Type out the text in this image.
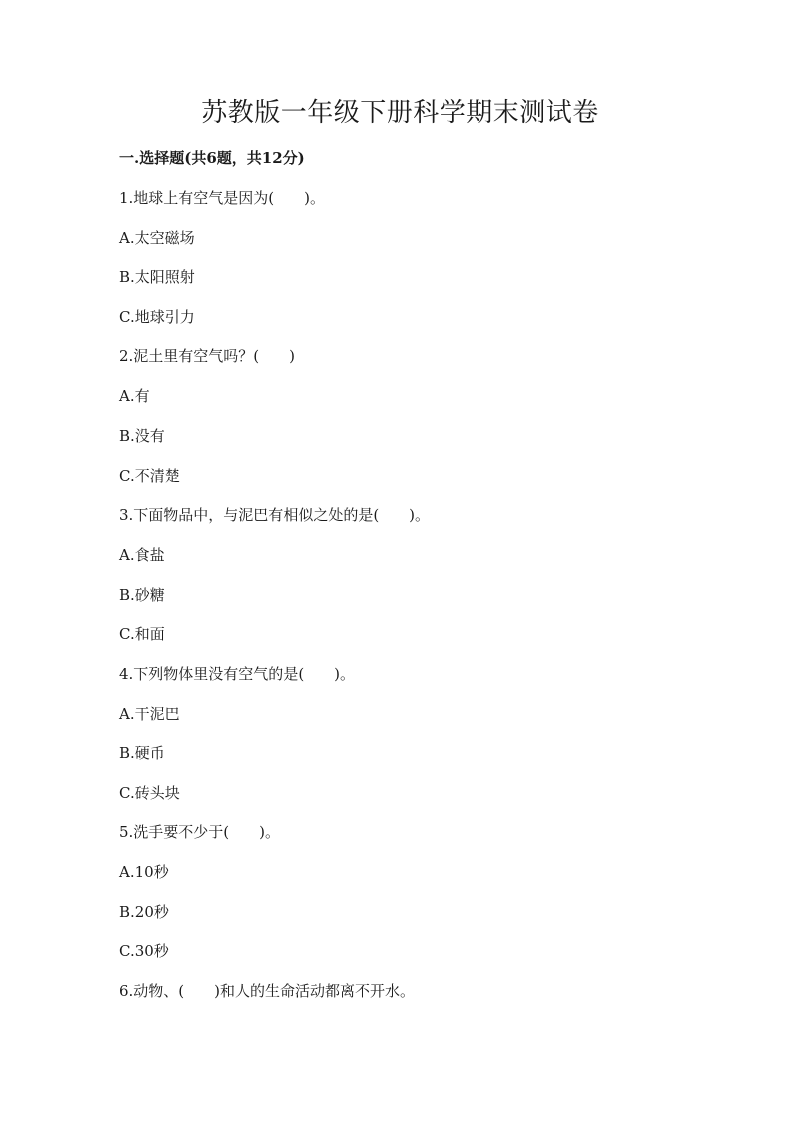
苏教版一年级下册科学期末测试卷
一.选择题(共6题，共12分)
1.地球上有空气是因为(　　)。
A.太空磁场
B.太阳照射
C.地球引力
2.泥土里有空气吗？(　　)
A.有
B.没有
C.不清楚
3.下面物品中，与泥巴有相似之处的是(　　)。
A.食盐
B.砂糖
C.和面
4.下列物体里没有空气的是(　　)。
A.干泥巴
B.硬币
C.砖头块
5.洗手要不少于(　　)。
A.10秒
B.20秒
C.30秒
6.动物、(　　)和人的生命活动都离不开水。
